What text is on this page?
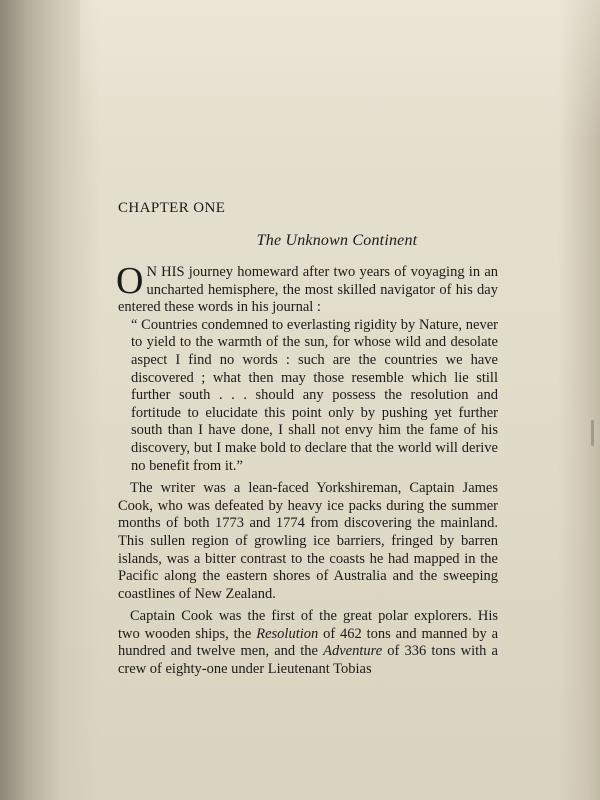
CHAPTER ONE
The Unknown Continent

O N HIS journey homeward after two years of voyaging in an uncharted hemisphere, the most skilled navigator of his day entered these words in his journal :

“ Countries condemned to everlasting rigidity by Nature, never to yield to the warmth of the sun, for whose wild and desolate aspect I find no words : such are the countries we have discovered ; what then may those resemble which lie still further south . . . should any possess the resolution and fortitude to elucidate this point only by pushing yet further south than I have done, I shall not envy him the fame of his discovery, but I make bold to declare that the world will derive no benefit from it.”

The writer was a lean-faced Yorkshireman, Captain James Cook, who was defeated by heavy ice packs during the summer months of both 1773 and 1774 from discovering the mainland. This sullen region of growling ice barriers, fringed by barren islands, was a bitter contrast to the coasts he had mapped in the Pacific along the eastern shores of Australia and the sweeping coastlines of New Zealand.

Captain Cook was the first of the great polar explorers. His two wooden ships, the Resolution of 462 tons and manned by a hundred and twelve men, and the Adventure of 336 tons with a crew of eighty-one under Lieutenant Tobias
